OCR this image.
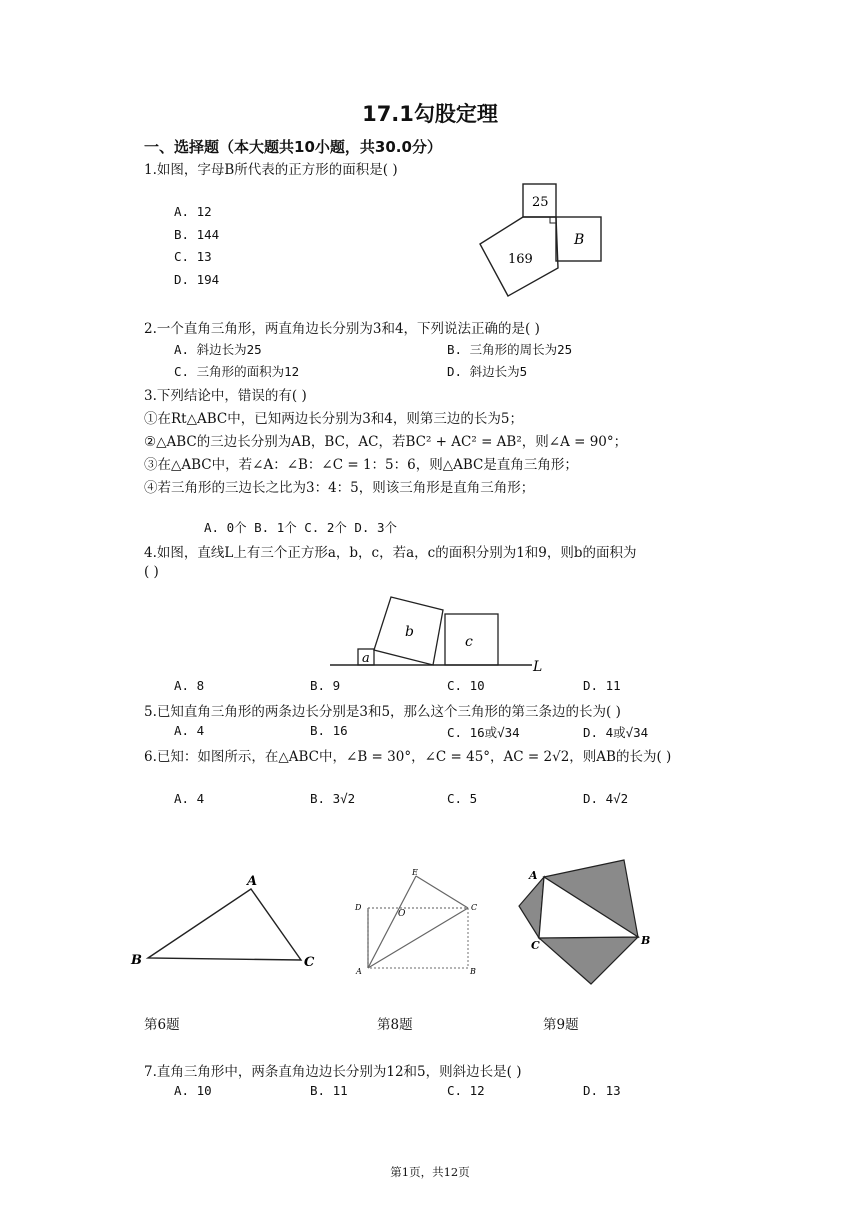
17.1勾股定理
一、选择题（本大题共10小题，共30.0分）
1.如图，字母B所代表的正方形的面积是( )
A. 12
B. 144
C. 13
D. 194
25
169
B
2.一个直角三角形，两直角边长分别为3和4，下列说法正确的是( )
A. 斜边长为25	B. 三角形的周长为25
C. 三角形的面积为12	D. 斜边长为5
3.下列结论中，错误的有( )
①在Rt△ABC中，已知两边长分别为3和4，则第三边的长为5；
②△ABC的三边长分别为AB，BC，AC，若BC² + AC² = AB²，则∠A = 90°；
③在△ABC中，若∠A：∠B：∠C = 1：5：6，则△ABC是直角三角形；
④若三角形的三边长之比为3：4：5，则该三角形是直角三角形；
A. 0个 B. 1个 C. 2个 D. 3个
4.如图，直线L上有三个正方形a，b，c，若a，c的面积分别为1和9，则b的面积为
( )
a
b
c
L
A. 8	B. 9	C. 10	D. 11
5.已知直角三角形的两条边长分别是3和5，那么这个三角形的第三条边的长为( )
A. 4	B. 16	C. 16或√34	D. 4或√34
6.已知：如图所示，在△ABC中，∠B = 30°，∠C = 45°，AC = 2√2，则AB的长为( )
A. 4	B. 3√2	C. 5	D. 4√2
A
B	C
第6题
A	B
C
D
E
O
第8题
A
B
C
第9题
7.直角三角形中，两条直角边边长分别为12和5，则斜边长是( )
A. 10	B. 11	C. 12	D. 13
第1页，共12页
